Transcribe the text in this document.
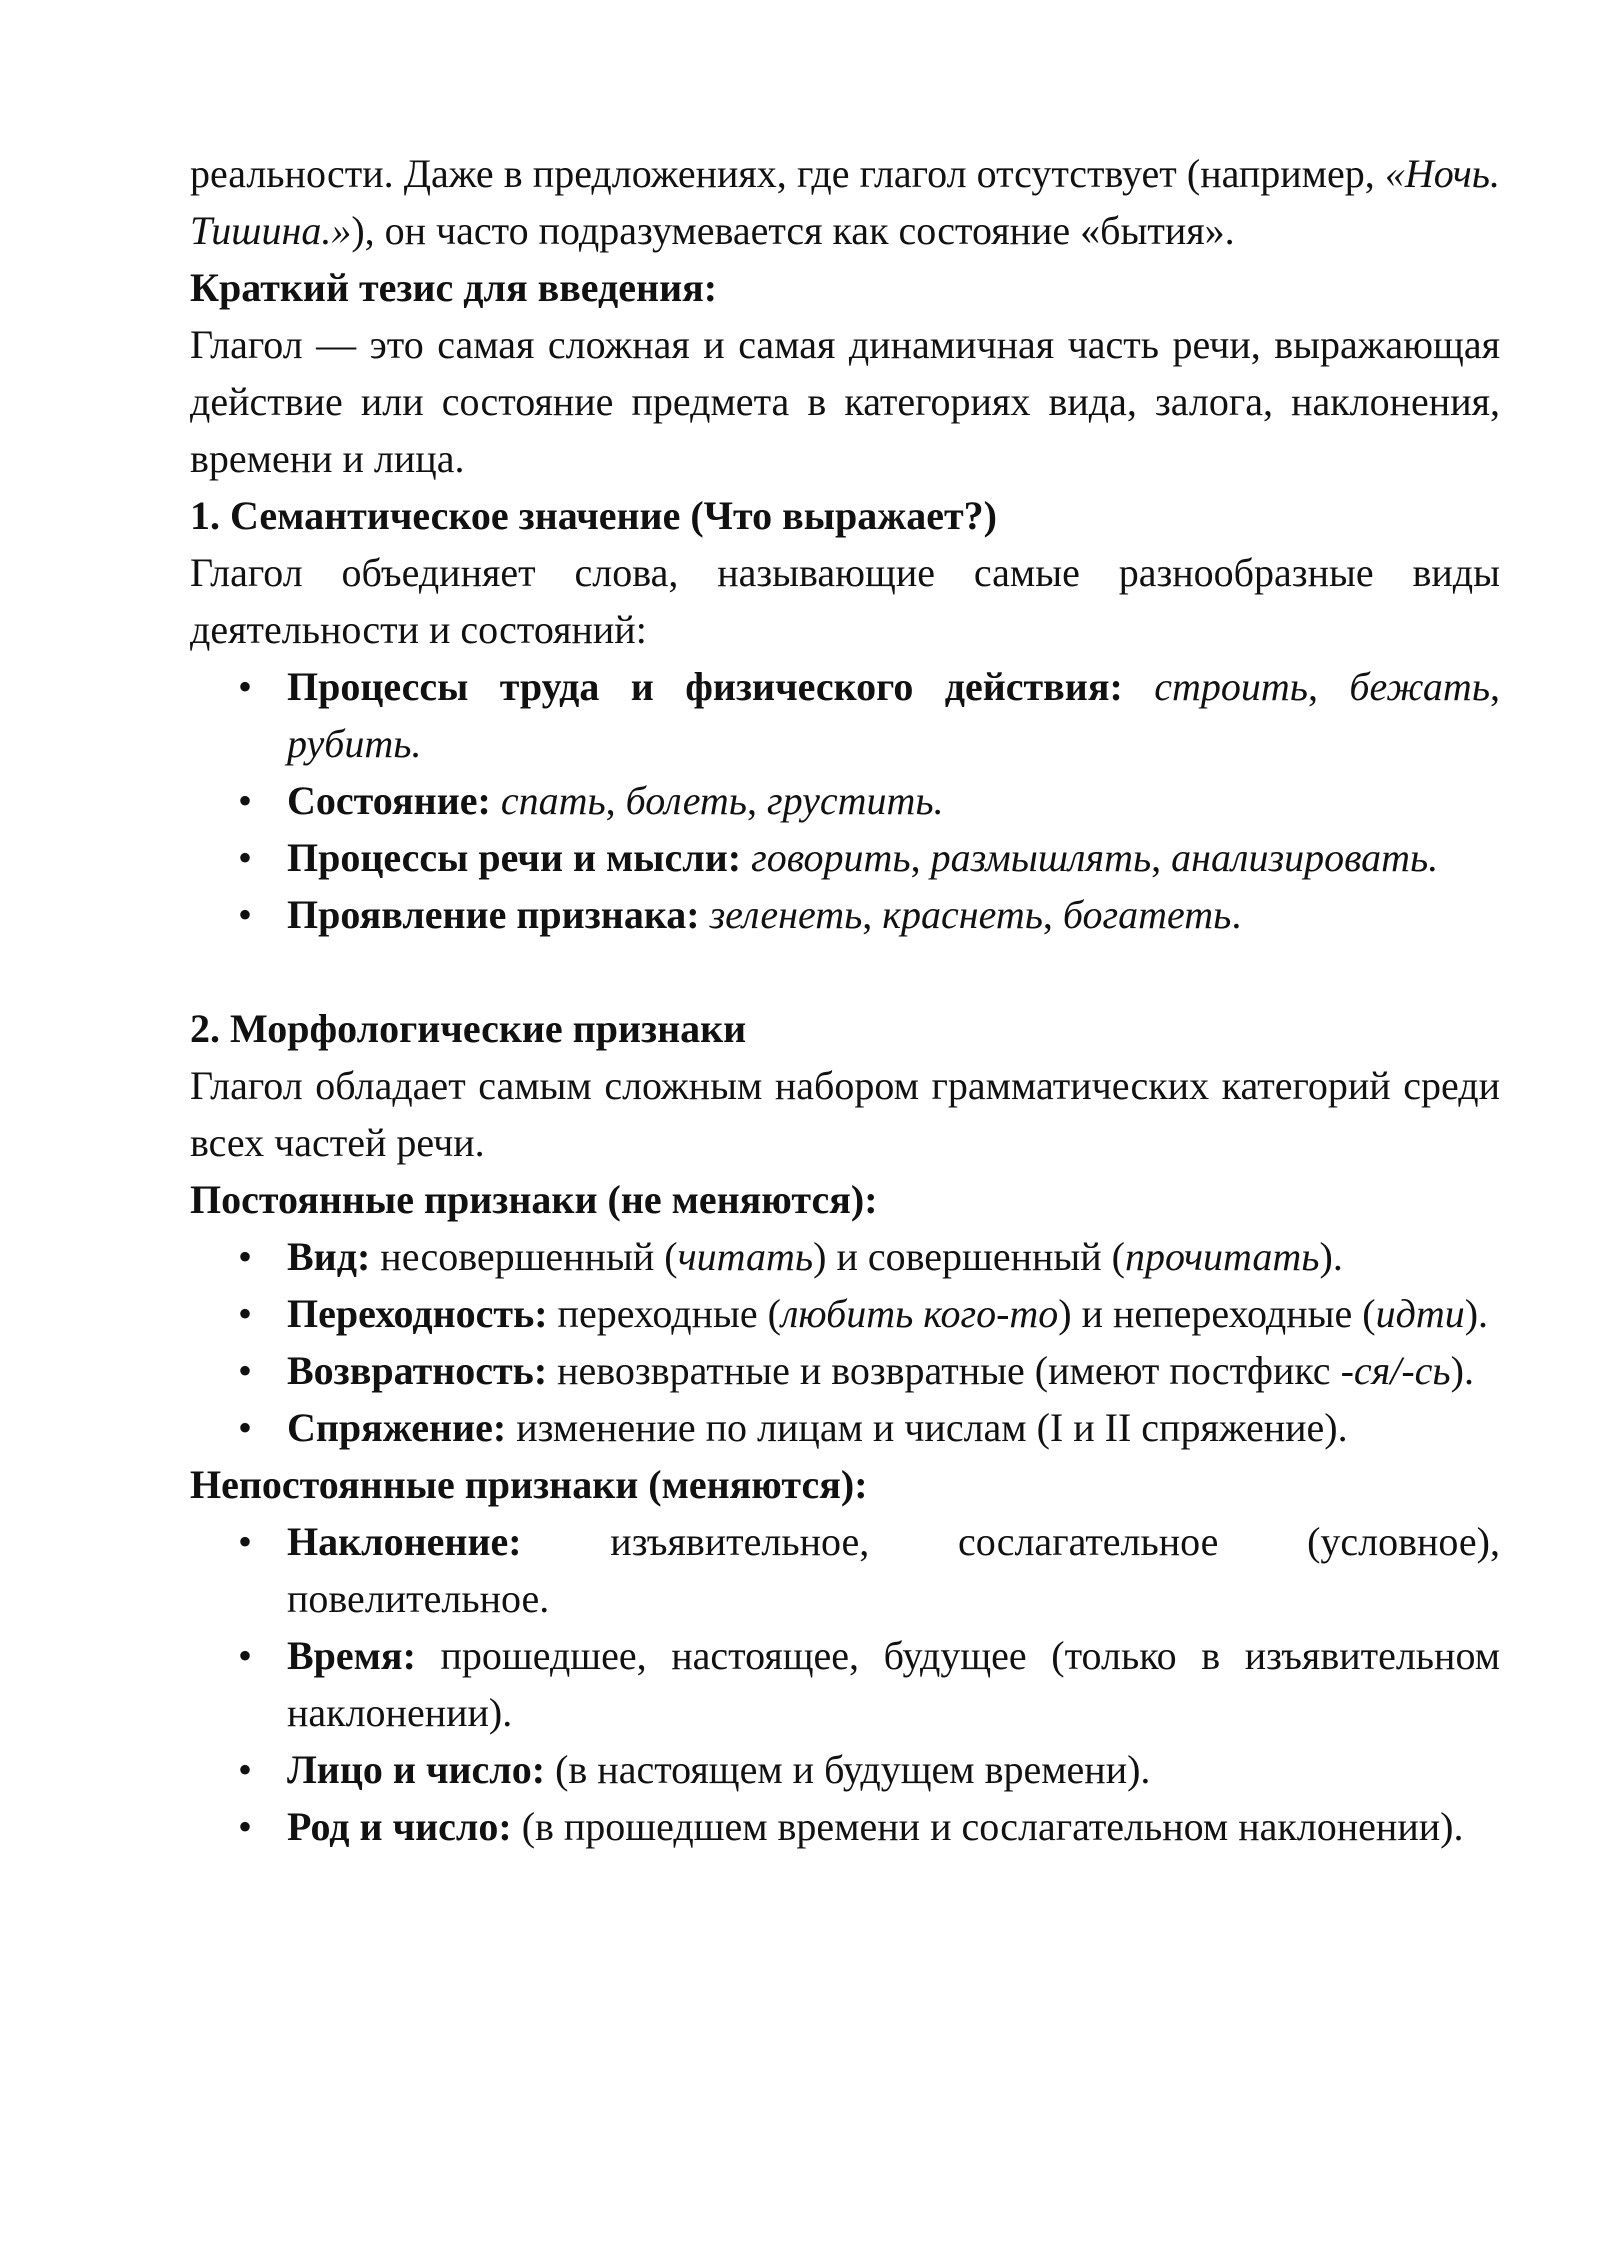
реальности. Даже в предложениях, где глагол отсутствует (например, «Ночь. Тишина.»), он часто подразумевается как состояние «бытия».

Краткий тезис для введения:

Глагол — это самая сложная и самая динамичная часть речи, выражающая действие или состояние предмета в категориях вида, залога, наклонения, времени и лица.

1. Семантическое значение (Что выражает?)

Глагол объединяет слова, называющие самые разнообразные виды деятельности и состояний:

• Процессы труда и физического действия: строить, бежать, рубить.
• Состояние: спать, болеть, грустить.
• Процессы речи и мысли: говорить, размышлять, анализировать.
• Проявление признака: зеленеть, краснеть, богатеть.

2. Морфологические признаки

Глагол обладает самым сложным набором грамматических категорий среди всех частей речи.

Постоянные признаки (не меняются):

• Вид: несовершенный (читать) и совершенный (прочитать).
• Переходность: переходные (любить кого-то) и непереходные (идти).
• Возвратность: невозвратные и возвратные (имеют постфикс -ся/-сь).
• Спряжение: изменение по лицам и числам (I и II спряжение).

Непостоянные признаки (меняются):

• Наклонение: изъявительное, сослагательное (условное), повелительное.
• Время: прошедшее, настоящее, будущее (только в изъявительном наклонении).
• Лицо и число: (в настоящем и будущем времени).
• Род и число: (в прошедшем времени и сослагательном наклонении).
